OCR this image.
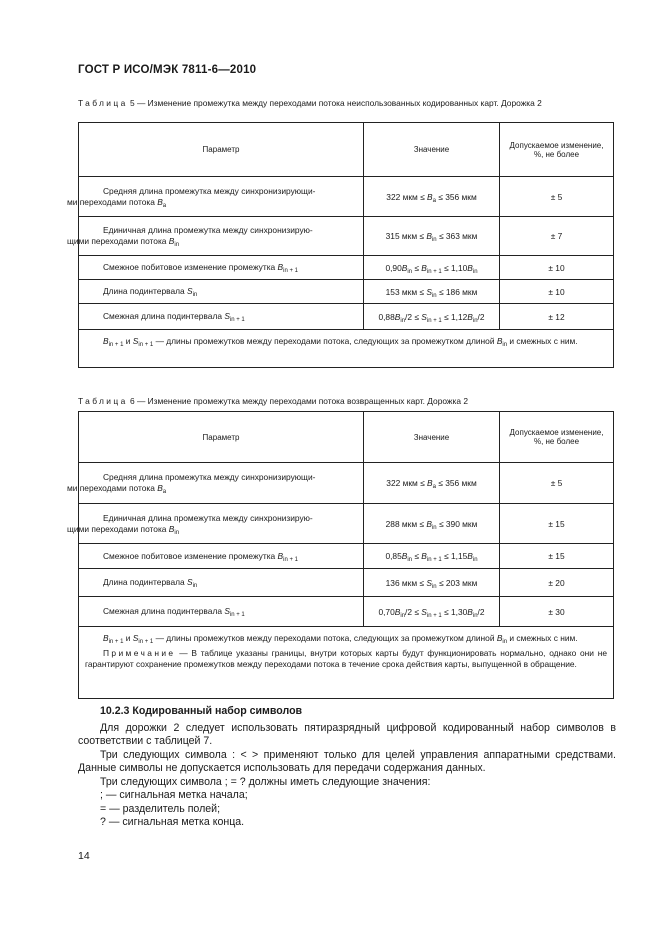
ГОСТ Р ИСО/МЭК 7811-6—2010
Таблица 5 — Изменение промежутка между переходами потока неиспользованных кодированных карт. Дорожка 2
Параметр	Значение	Допускаемое изменение, %, не более

Средняя длина промежутка между синхронизирующи-
ми переходами потока $B_a$	322 мкм ≤ $B_a \le 356$ мкм	± 5

Единичная длина промежутка между синхронизирую-
щими переходами потока $B_{in}$	315 мкм ≤ $B_{in} \le 363$ мкм	± 7

Смежное побитовое изменение промежутка $B_{in + 1}$	$0,90B_{in} \le B_{in + 1} \le 1,10B_{in}$	± 10

Длина подинтервала $S_{in}$	153 мкм ≤ $S_{in} \le 186$ мкм	± 10

Смежная длина подинтервала $S_{in + 1}$	$0,88B_{in}/2 \le S_{in + 1} \le 1,12B_{in}/2$	± 12

$B_{in + 1}$ и $S_{in + 1}$ — длины промежутков между переходами потока, следующих за промежутком длиной $B_{in}$ и смежных с ним.		

Таблица 6 — Изменение промежутка между переходами потока возвращенных карт. Дорожка 2
Параметр	Значение	Допускаемое изменение, %, не более

Средняя длина промежутка между синхронизирующи-
ми переходами потока $B_a$	322 мкм ≤ $B_a \le 356$ мкм	± 5

Единичная длина промежутка между синхронизирую-
щими переходами потока $B_{in}$	288 мкм ≤ $B_{in} \le 390$ мкм	± 15

Смежное побитовое изменение промежутка $B_{in + 1}$	$0,85B_{in} \le B_{in + 1} \le 1,15B_{in}$	± 15

Длина подинтервала $S_{in}$	136 мкм ≤ $S_{in} \le 203$ мкм	± 20

Смежная длина подинтервала $S_{in + 1}$	$0,70B_{in}/2 \le S_{in + 1} \le 1,30B_{in}/2$	± 30

$B_{in + 1}$ и $S_{in + 1}$ — длины промежутков между переходами потока, следующих за промежутком длиной $B_{in}$ и смежных с ним.

Примечание — В таблице указаны границы, внутри которых карты будут функционировать нормально, однако они не гарантируют сохранение промежутков между переходами потока в течение срока действия карты, выпущенной в обращение.		

10.2.3 Кодированный набор символов

Для дорожки 2 следует использовать пятиразрядный цифровой кодированный набор символов в соответствии с таблицей 7.

Три следующих символа : < > применяют только для целей управления аппаратными средствами. Данные символы не допускается использовать для передачи содержания данных.

Три следующих символа ; = ? должны иметь следующие значения:

; — сигнальная метка начала;

= — разделитель полей;

? — сигнальная метка конца.

14
